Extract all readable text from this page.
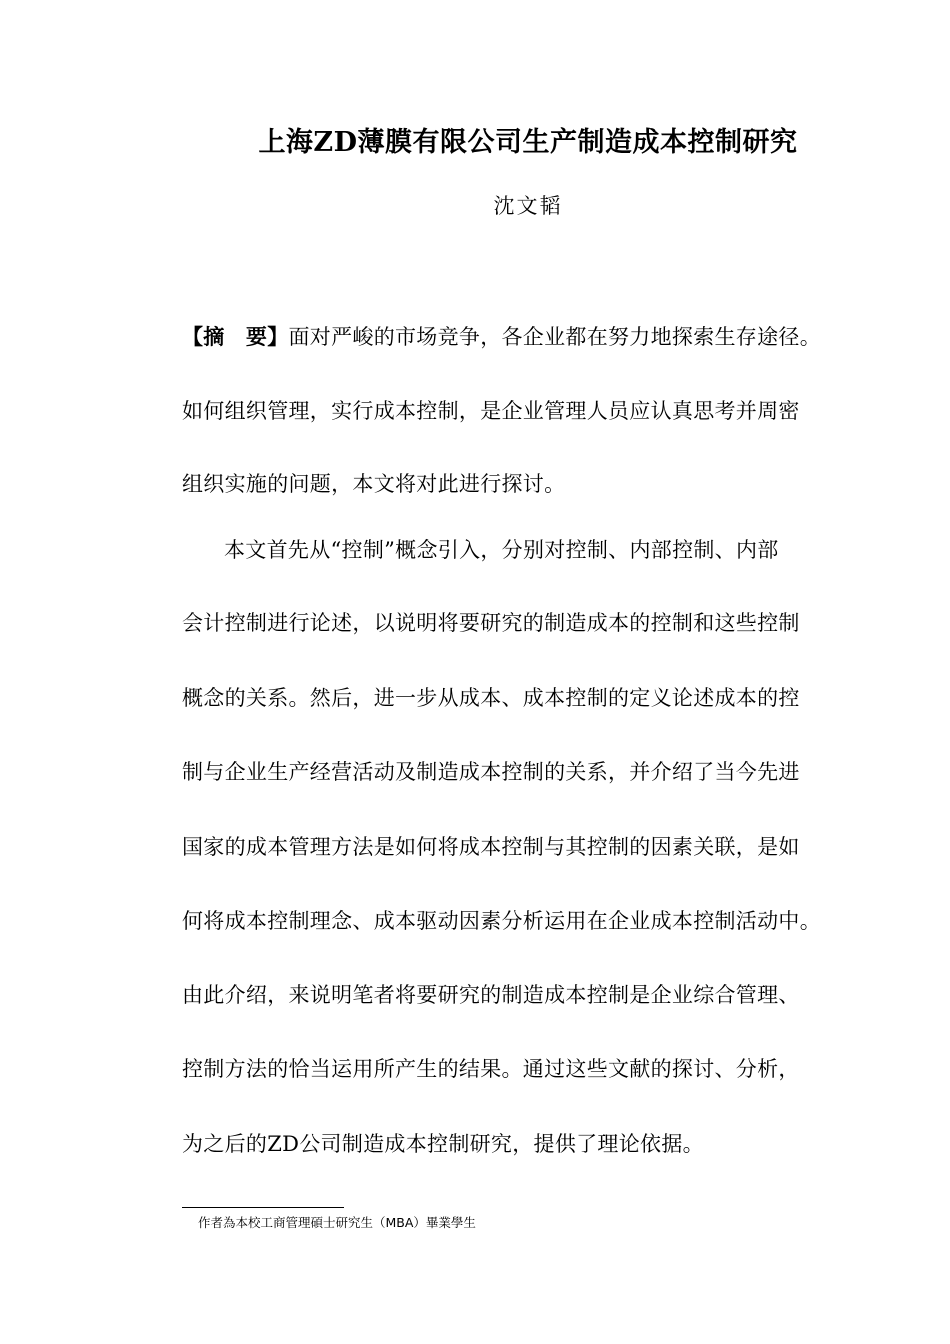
上海ZD薄膜有限公司生产制造成本控制研究
沈文韬
【摘　要】面对严峻的市场竞争，各企业都在努力地探索生存途径。
如何组织管理，实行成本控制，是企业管理人员应认真思考并周密
组织实施的问题，本文将对此进行探讨。
本文首先从“控制”概念引入，分别对控制、内部控制、内部
会计控制进行论述，以说明将要研究的制造成本的控制和这些控制
概念的关系。然后，进一步从成本、成本控制的定义论述成本的控
制与企业生产经营活动及制造成本控制的关系，并介绍了当今先进
国家的成本管理方法是如何将成本控制与其控制的因素关联，是如
何将成本控制理念、成本驱动因素分析运用在企业成本控制活动中。
由此介绍，来说明笔者将要研究的制造成本控制是企业综合管理、
控制方法的恰当运用所产生的结果。通过这些文献的探讨、分析，
为之后的ZD公司制造成本控制研究，提供了理论依据。
作者為本校工商管理碩士研究生（MBA）畢業學生
